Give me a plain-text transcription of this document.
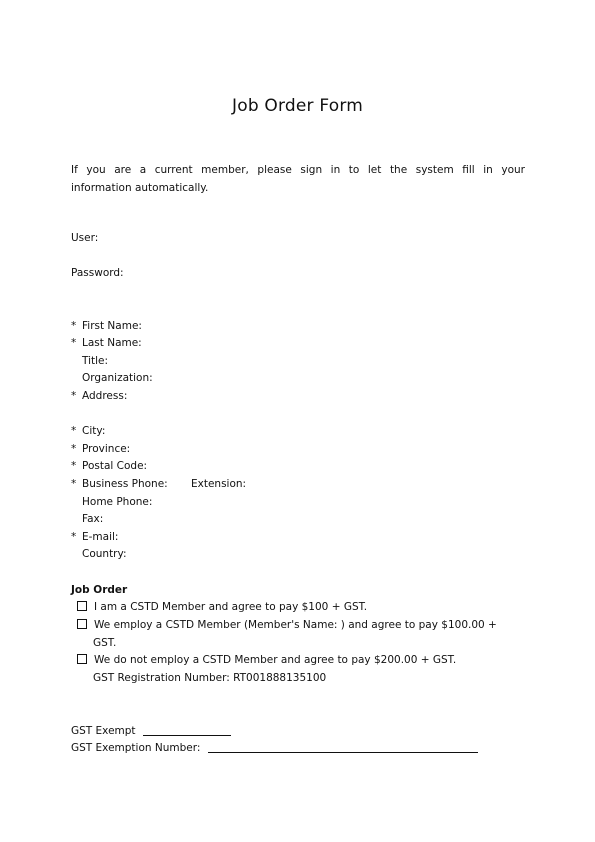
Job Order Form
If you are a current member, please sign in to let the system fill in your
information automatically.
User:
Password:
* First Name:
* Last Name:
Title:
Organization:
* Address:
* City:
* Province:
* Postal Code:
* Business Phone: Extension:
Home Phone:
Fax:
* E-mail:
Country:
Job Order
I am a CSTD Member and agree to pay $100 + GST.
We employ a CSTD Member (Member's Name: ) and agree to pay $100.00 +
GST.
We do not employ a CSTD Member and agree to pay $200.00 + GST.
GST Registration Number: RT001888135100
GST Exempt
GST Exemption Number:
